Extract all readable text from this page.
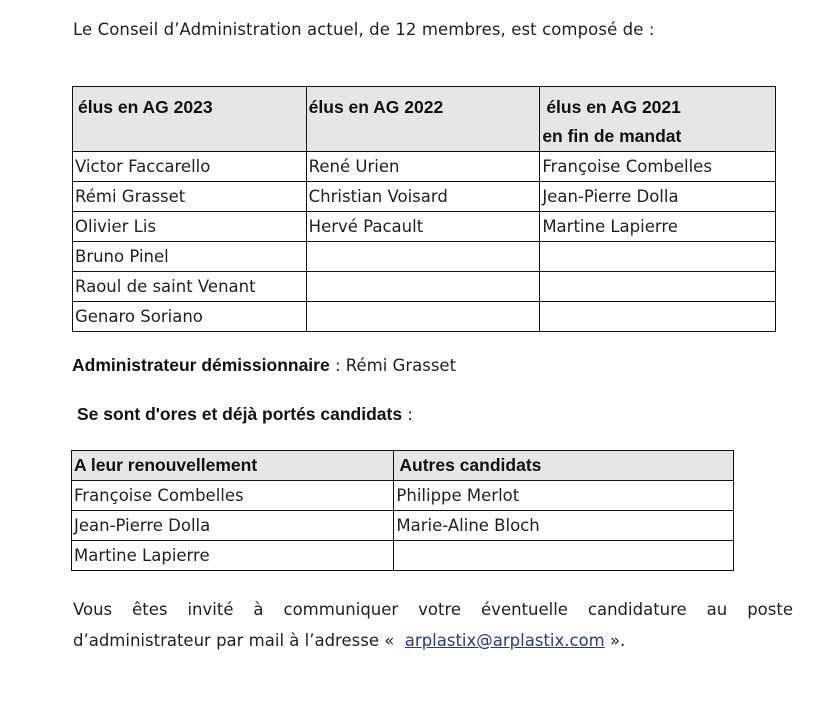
Le Conseil d’Administration actuel, de 12 membres, est composé de :
élus en AG 2023	élus en AG 2022	élus en AG 2021
en fin de mandat
Victor Faccarello	René Urien	Françoise Combelles
Rémi Grasset	Christian Voisard	Jean-Pierre Dolla
Olivier Lis	Hervé Pacault	Martine Lapierre
Bruno Pinel		
Raoul de saint Venant		
Genaro Soriano		
Administrateur démissionnaire : Rémi Grasset
Se sont d'ores et déjà portés candidats :
A leur renouvellement	Autres candidats
Françoise Combelles	Philippe Merlot
Jean-Pierre Dolla	Marie-Aline Bloch
Martine Lapierre	
Vous êtes invité à communiquer votre éventuelle candidature au poste d’administrateur par mail à l’adresse «  arplastix@arplastix.com ».
